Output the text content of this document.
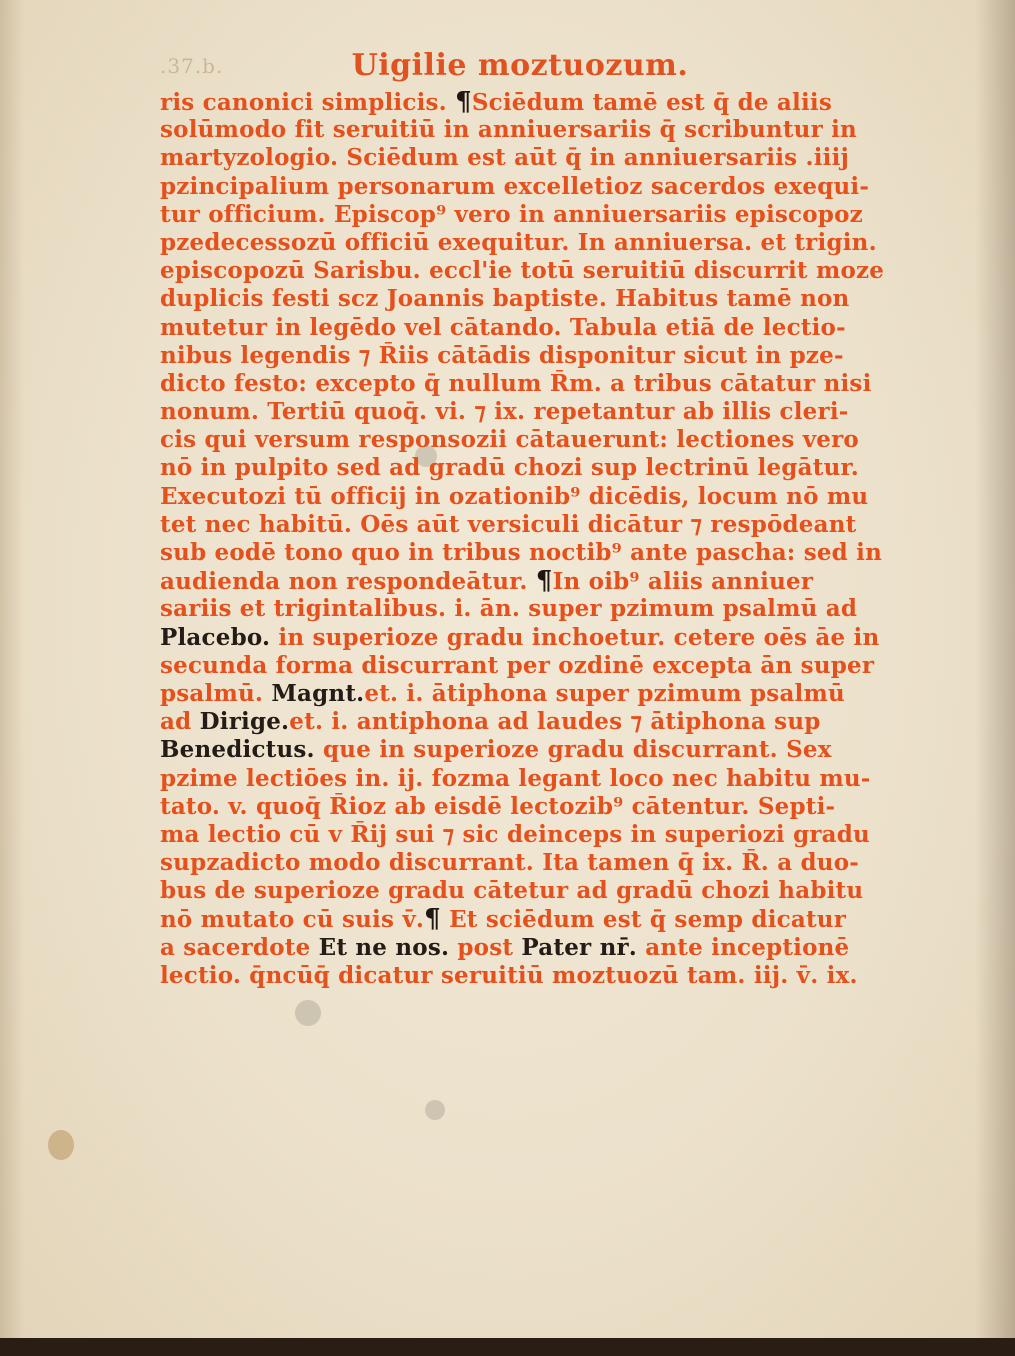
.37.b.	Uigilie moztuozum.
ris canonici simplicis. ¶Sciēdum tamē est q̄ de aliis
solūmodo fit seruitiū in anniuersariis q̄ scribuntur in
martyzologio. Sciēdum est aūt q̄ in anniuersariis .iiij
pzincipalium personarum excelletioz sacerdos exequi-
tur officium. Episcop⁹ vero in anniuersariis episcopoz
pzedecessozū officiū exequitur. In anniuersa. et trigin.
episcopozū Sarisbu. eccl'ie totū seruitiū discurrit moze
duplicis festi scz Joannis baptiste. Habitus tamē non
mutetur in legēdo vel cātando. Tabula etiā de lectio-
nibus legendis ⁊ R̄iis cātādis disponitur sicut in pze-
dicto festo: excepto q̄ nullum R̄m. a tribus cātatur nisi
nonum. Tertiū quoq̄. vi. ⁊ ix. repetantur ab illis cleri-
cis qui versum responsozii cātauerunt: lectiones vero
nō in pulpito sed ad gradū chozi sup lectrinū legātur.
Executozi tū officij in ozationib⁹ dicēdis, locum nō mu
tet nec habitū. Oēs aūt versiculi dicātur ⁊ respōdeant
sub eodē tono quo in tribus noctib⁹ ante pascha: sed in
audienda non respondeātur. ¶In oib⁹ aliis anniuer
sariis et trigintalibus. i. ān. super pzimum psalmū ad
Placebo. in superioze gradu inchoetur. cetere oēs āe in
secunda forma discurrant per ozdinē excepta ān super
psalmū. Magnt.et. i. ātiphona super pzimum psalmū
ad Dirige.et. i. antiphona ad laudes ⁊ ātiphona sup
Benedictus. que in superioze gradu discurrant. Sex
pzime lectiōes in. ij. fozma legant loco nec habitu mu-
tato. v. quoq̄ R̄ioz ab eisdē lectozib⁹ cātentur. Septi-
ma lectio cū v R̄ij sui ⁊ sic deinceps in superiozi gradu
supzadicto modo discurrant. Ita tamen q̄ ix. R̄. a duo-
bus de superioze gradu cātetur ad gradū chozi habitu
nō mutato cū suis v̄.¶ Et sciēdum est q̄ semp dicatur
a sacerdote Et ne nos. post Pater nr̄. ante inceptionē
lectio. q̄ncūq̄ dicatur seruitiū moztuozū tam. iij. v̄. ix.
